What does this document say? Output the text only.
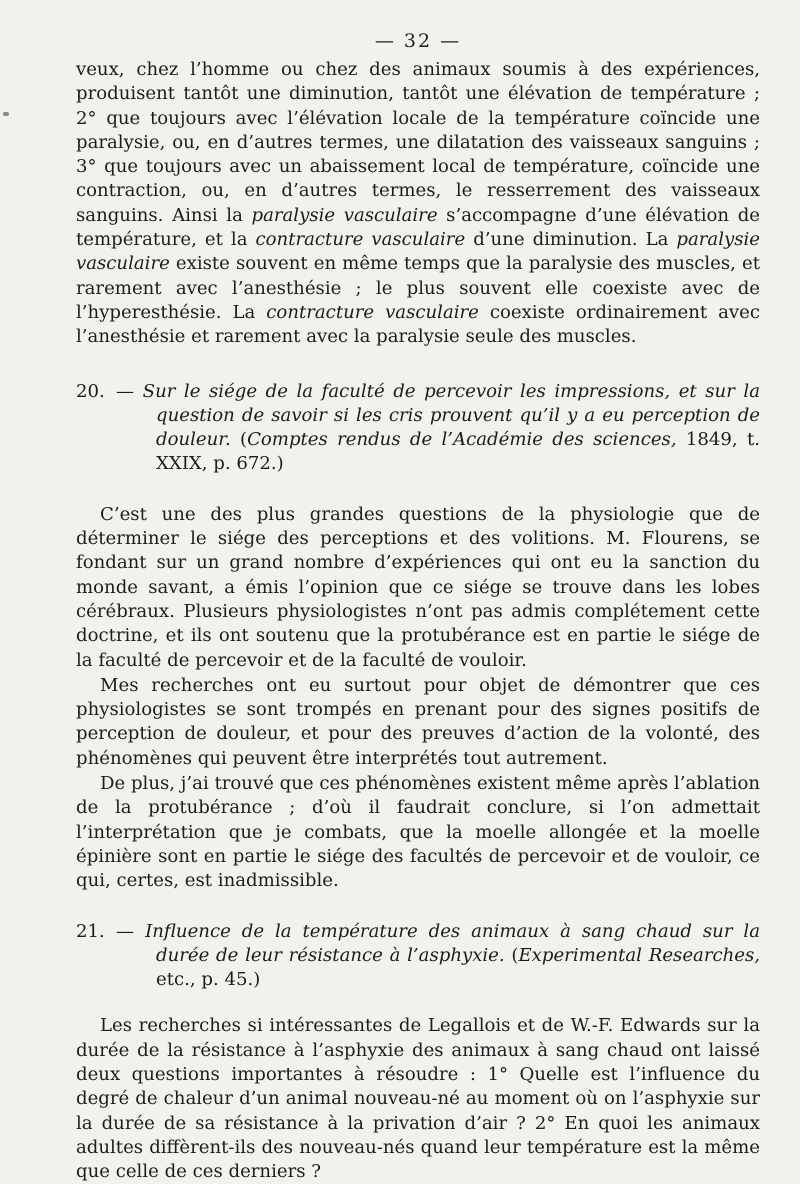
— 32 —

veux, chez l’homme ou chez des animaux soumis à des expériences, produisent tantôt une diminution, tantôt une élévation de température ; 2° que toujours avec l’élévation locale de la température coïncide une paralysie, ou, en d’autres termes, une dilatation des vaisseaux sanguins ; 3° que toujours avec un abaissement local de température, coïncide une contraction, ou, en d’autres termes, le resserrement des vaisseaux sanguins. Ainsi la paralysie vasculaire s’accompagne d’une élévation de température, et la contracture vasculaire d’une diminution. La paralysie vasculaire existe souvent en même temps que la paralysie des muscles, et rarement avec l’anesthésie ; le plus souvent elle coexiste avec de l’hyperesthésie. La contracture vasculaire coexiste ordinairement avec l’anesthésie et rarement avec la paralysie seule des muscles.

20. — Sur le siége de la faculté de percevoir les impressions, et sur la question de savoir si les cris prouvent qu’il y a eu perception de douleur. (Comptes rendus de l’Académie des sciences, 1849, t. XXIX, p. 672.)

C’est une des plus grandes questions de la physiologie que de déterminer le siége des perceptions et des volitions. M. Flourens, se fondant sur un grand nombre d’expériences qui ont eu la sanction du monde savant, a émis l’opinion que ce siége se trouve dans les lobes cérébraux. Plusieurs physiologistes n’ont pas admis complétement cette doctrine, et ils ont soutenu que la protubérance est en partie le siége de la faculté de percevoir et de la faculté de vouloir.

Mes recherches ont eu surtout pour objet de démontrer que ces physiologistes se sont trompés en prenant pour des signes positifs de perception de douleur, et pour des preuves d’action de la volonté, des phénomènes qui peuvent être interprétés tout autrement.

De plus, j’ai trouvé que ces phénomènes existent même après l’ablation de la protubérance ; d’où il faudrait conclure, si l’on admettait l’interprétation que je combats, que la moelle allongée et la moelle épinière sont en partie le siége des facultés de percevoir et de vouloir, ce qui, certes, est inadmissible.

21. — Influence de la température des animaux à sang chaud sur la durée de leur résistance à l’asphyxie. (Experimental Researches, etc., p. 45.)

Les recherches si intéressantes de Legallois et de W.-F. Edwards sur la durée de la résistance à l’asphyxie des animaux à sang chaud ont laissé deux questions importantes à résoudre : 1° Quelle est l’influence du degré de chaleur d’un animal nouveau-né au moment où on l’asphyxie sur la durée de sa résistance à la privation d’air ? 2° En quoi les animaux adultes diffèrent-ils des nouveau-nés quand leur température est la même que celle de ces derniers ?
